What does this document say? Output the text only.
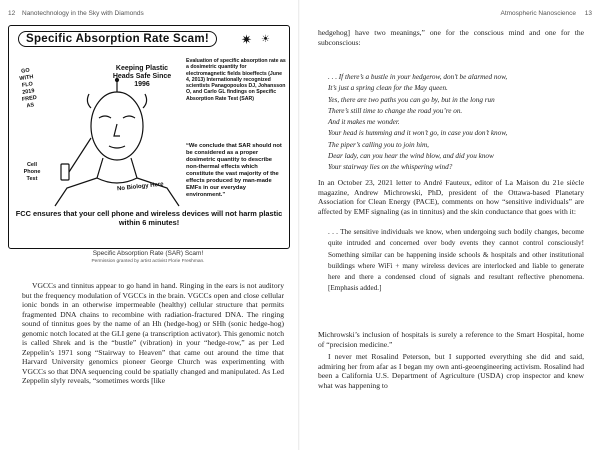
12 Nanotechnology in the Sky with Diamonds
Specific Absorption Rate Scam!	✷ ☀
GO
WITH
FLO
2019
FRED
AS
Keeping Plastic Heads Safe Since 1996
Evaluation of specific absorption rate as a dosimetric quantity for electromagnetic fields bioeffects (June 4, 2013) Internationally recognized scientists Panagopoulos DJ, Johansson O, and Carlo GL findings on Specific Absorption Rate Test (SAR)
“We conclude that SAR should not be considered as a proper dosimetric quantity to describe non-thermal effects which constitute the vast majority of the effects produced by man-made EMFs in our everyday environment.”
Cell Phone Test
No Biology Here
FCC ensures that your cell phone and wireless devices will not harm plastic within 6 minutes!
Specific Absorption Rate (SAR) Scam!
Permission granted by artist activist Florie Freshman.

VGCCs and tinnitus appear to go hand in hand. Ringing in the ears is not auditory but the frequency modulation of VGCCs in the brain. VGCCs open and close cellular ionic bonds in an otherwise impermeable (healthy) cellular structure that permits fragmented DNA chains to recombine with radiation-fractured DNA. The ringing sound of tinnitus goes by the name of an Hh (hedge-hog) or SHh (sonic hedge-hog) genomic notch located at the GLI gene (a transcription activator). This genomic notch is called Shrek and is the “bustle” (vibration) in your “hedge-row,” as per Led Zeppelin’s 1971 song “Stairway to Heaven” that came out around the time that Harvard University genomics pioneer George Church was experimenting with VGCCs so that DNA sequencing could be spatially changed and manipulated. As Led Zeppelin slyly reveals, “sometimes words [like

Atmospheric Nanoscience 13

hedgehog] have two meanings,” one for the conscious mind and one for the subconscious:

. . . If there’s a bustle in your hedgerow, don’t be alarmed now,
It’s just a spring clean for the May queen.
Yes, there are two paths you can go by, but in the long run
There’s still time to change the road you’re on.
And it makes me wonder.
Your head is humming and it won’t go, in case you don’t know,
The piper’s calling you to join him,
Dear lady, can you hear the wind blow, and did you know
Your stairway lies on the whispering wind?

In an October 23, 2021 letter to André Fauteux, editor of La Maison du 21e siècle magazine, Andrew Michrowski, PhD, president of the Ottawa-based Planetary Association for Clean Energy (PACE), comments on how “sensitive individuals” are affected by EMF signaling (as in tinnitus) and the skin conductance that goes with it:

. . . The sensitive individuals we know, when undergoing such bodily changes, become quite intruded and concerned over body events they cannot control consciously! Something similar can be happening inside schools & hospitals and other institutional buildings where WiFi + many wireless devices are interlocked and liable to generate here and there a condensed cloud of signals and resultant reflective phenomena. [Emphasis added.]

Michrowski’s inclusion of hospitals is surely a reference to the Smart Hospital, home of “precision medicine.”

I never met Rosalind Peterson, but I supported everything she did and said, admiring her from afar as I began my own anti-geoengineering activism. Rosalind had been a California U.S. Department of Agriculture (USDA) crop inspector and knew what was happening to
